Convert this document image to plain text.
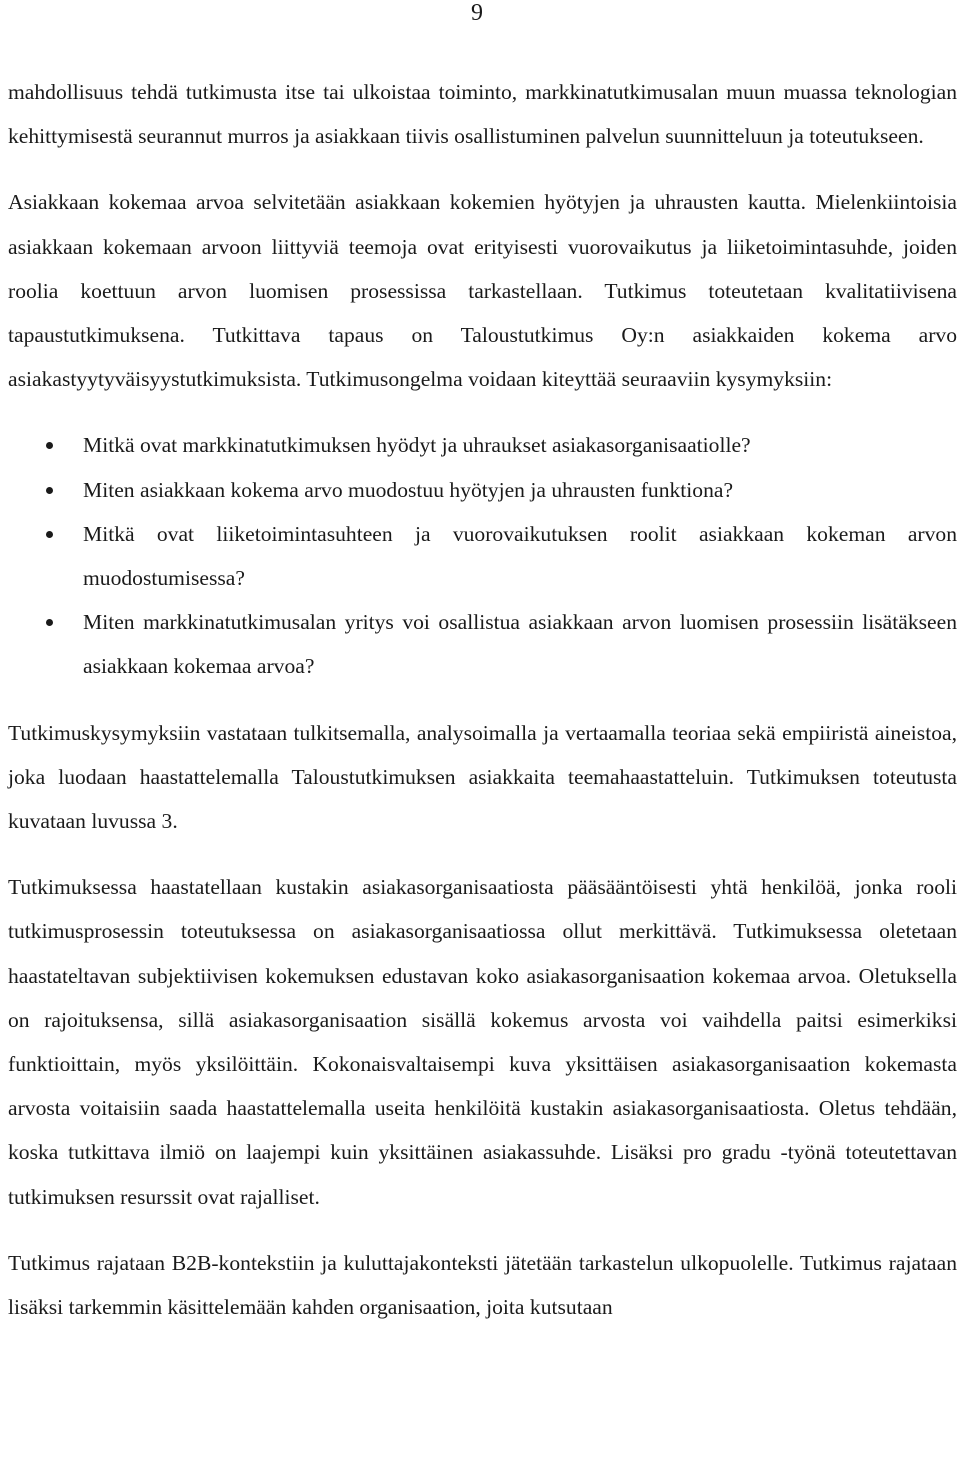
9

mahdollisuus tehdä tutkimusta itse tai ulkoistaa toiminto, markkinatutkimusalan muun muassa teknologian kehittymisestä seurannut murros ja asiakkaan tiivis osallistuminen palvelun suunnitteluun ja toteutukseen.

Asiakkaan kokemaa arvoa selvitetään asiakkaan kokemien hyötyjen ja uhrausten kautta. Mielenkiintoisia asiakkaan kokemaan arvoon liittyviä teemoja ovat erityisesti vuorovaikutus ja liiketoimintasuhde, joiden roolia koettuun arvon luomisen prosessissa tarkastellaan. Tutkimus toteutetaan kvalitatiivisena tapaustutkimuksena. Tutkittava tapaus on Taloustutkimus Oy:n asiakkaiden kokema arvo asiakastyytyväisyystutkimuksista. Tutkimusongelma voidaan kiteyttää seuraaviin kysymyksiin:

Mitkä ovat markkinatutkimuksen hyödyt ja uhraukset asiakasorganisaatiolle?
Miten asiakkaan kokema arvo muodostuu hyötyjen ja uhrausten funktiona?
Mitkä ovat liiketoimintasuhteen ja vuorovaikutuksen roolit asiakkaan kokeman arvon muodostumisessa?
Miten markkinatutkimusalan yritys voi osallistua asiakkaan arvon luomisen prosessiin lisätäkseen asiakkaan kokemaa arvoa?

Tutkimuskysymyksiin vastataan tulkitsemalla, analysoimalla ja vertaamalla teoriaa sekä empiiristä aineistoa, joka luodaan haastattelemalla Taloustutkimuksen asiakkaita teemahaastatteluin. Tutkimuksen toteutusta kuvataan luvussa 3.

Tutkimuksessa haastatellaan kustakin asiakasorganisaatiosta pääsääntöisesti yhtä henkilöä, jonka rooli tutkimusprosessin toteutuksessa on asiakasorganisaatiossa ollut merkittävä. Tutkimuksessa oletetaan haastateltavan subjektiivisen kokemuksen edustavan koko asiakasorganisaation kokemaa arvoa. Oletuksella on rajoituksensa, sillä asiakasorganisaation sisällä kokemus arvosta voi vaihdella paitsi esimerkiksi funktioittain, myös yksilöittäin. Kokonaisvaltaisempi kuva yksittäisen asiakasorganisaation kokemasta arvosta voitaisiin saada haastattelemalla useita henkilöitä kustakin asiakasorganisaatiosta. Oletus tehdään, koska tutkittava ilmiö on laajempi kuin yksittäinen asiakassuhde. Lisäksi pro gradu -työnä toteutettavan tutkimuksen resurssit ovat rajalliset.

Tutkimus rajataan B2B-kontekstiin ja kuluttajakonteksti jätetään tarkastelun ulkopuolelle. Tutkimus rajataan lisäksi tarkemmin käsittelemään kahden organisaation, joita kutsutaan
